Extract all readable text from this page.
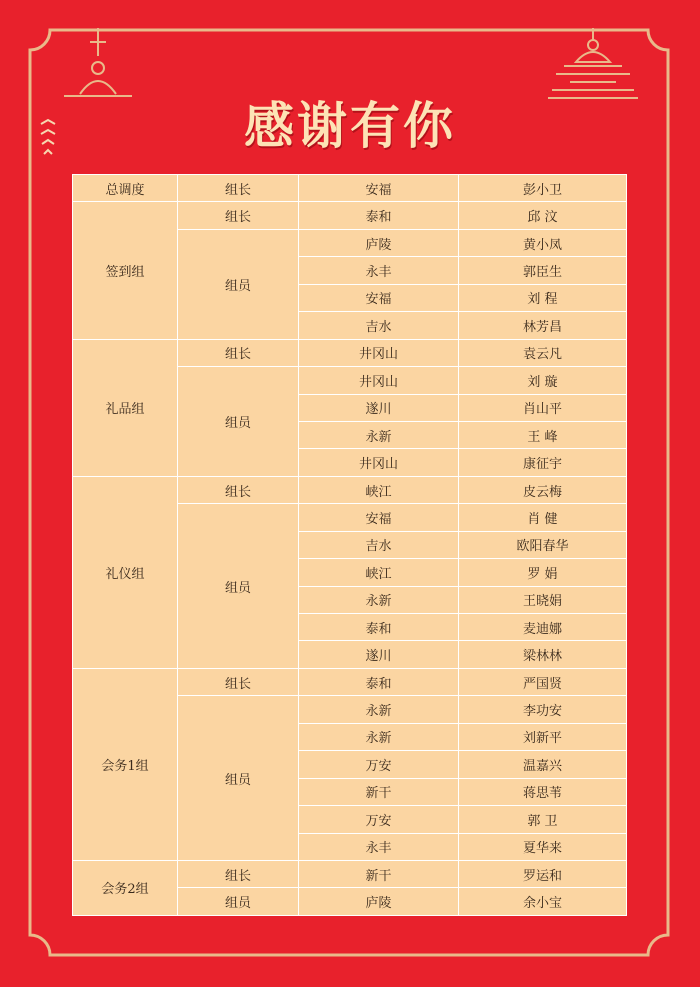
感谢有你
总调度	组长	安福	彭小卫
签到组	组长	泰和	邱 汶
	组员	庐陵	黄小凤
		永丰	郭臣生
		安福	刘 程
		吉水	林芳昌
礼品组	组长	井冈山	袁云凡
	组员	井冈山	刘 璇
		遂川	肖山平
		永新	王 峰
		井冈山	康征宇
礼仪组	组长	峡江	皮云梅
	组员	安福	肖 健
		吉水	欧阳春华
		峡江	罗 娟
		永新	王晓娟
		泰和	麦迪娜
		遂川	梁林林
会务1组	组长	泰和	严国贤
	组员	永新	李功安
		永新	刘新平
		万安	温嘉兴
		新干	蒋思苇
		万安	郭 卫
		永丰	夏华来
会务2组	组长	新干	罗运和
	组员	庐陵	余小宝
